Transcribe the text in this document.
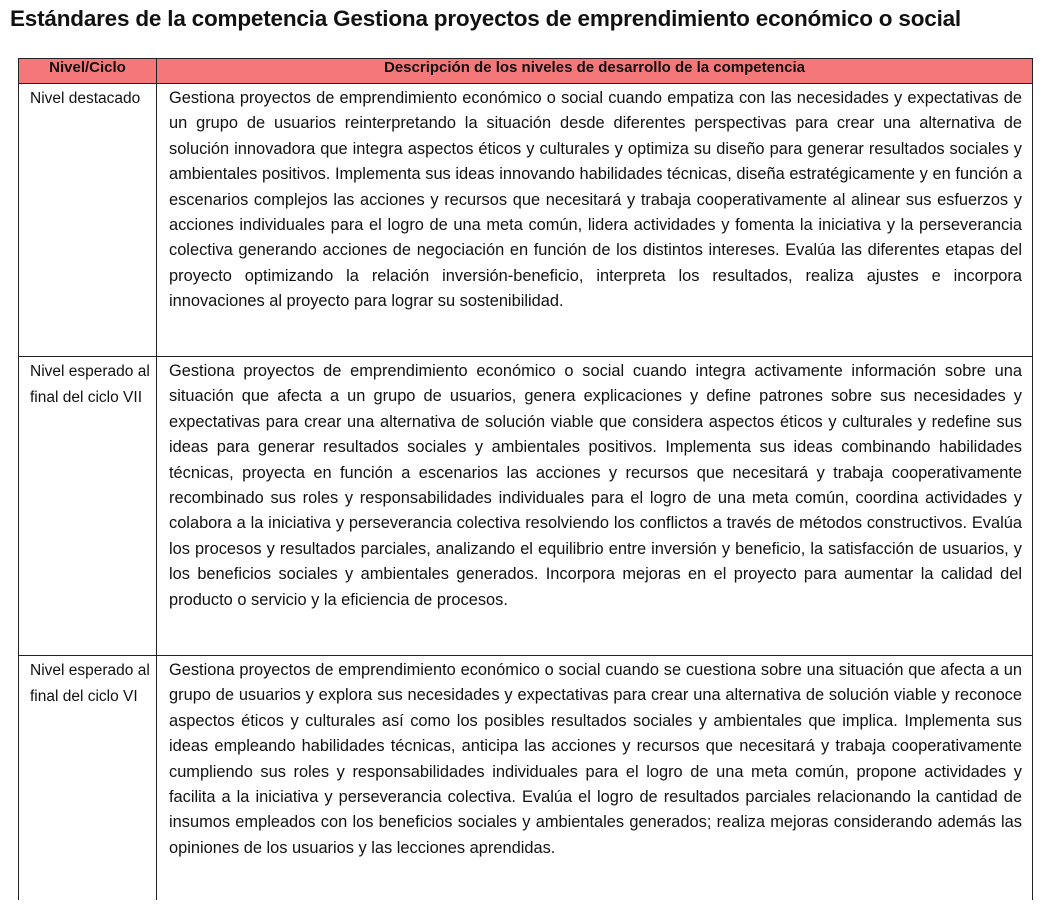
Estándares de la competencia Gestiona proyectos de emprendimiento económico o social
Nivel/Ciclo	Descripción de los niveles de desarrollo de la competencia
Nivel destacado	Gestiona proyectos de emprendimiento económico o social cuando empatiza con las necesidades y expectativas de un grupo de usuarios reinterpretando la situación desde diferentes perspectivas para crear una alternativa de solución innovadora que integra aspectos éticos y culturales y optimiza su diseño para generar resultados sociales y ambientales positivos. Implementa sus ideas innovando habilidades técnicas, diseña estratégicamente y en función a escenarios complejos las acciones y recursos que necesitará y trabaja cooperativamente al alinear sus esfuerzos y acciones individuales para el logro de una meta común, lidera actividades y fomenta la iniciativa y la perseverancia colectiva generando acciones de negociación en función de los distintos intereses. Evalúa las diferentes etapas del proyecto optimizando la relación inversión-beneficio, interpreta los resultados, realiza ajustes e incorpora innovaciones al proyecto para lograr su sostenibilidad.
Nivel esperado al final del ciclo VII	Gestiona proyectos de emprendimiento económico o social cuando integra activamente información sobre una situación que afecta a un grupo de usuarios, genera explicaciones y define patrones sobre sus necesidades y expectativas para crear una alternativa de solución viable que considera aspectos éticos y culturales y redefine sus ideas para generar resultados sociales y ambientales positivos. Implementa sus ideas combinando habilidades técnicas, proyecta en función a escenarios las acciones y recursos que necesitará y trabaja cooperativamente recombinado sus roles y responsabilidades individuales para el logro de una meta común, coordina actividades y colabora a la iniciativa y perseverancia colectiva resolviendo los conflictos a través de métodos constructivos. Evalúa los procesos y resultados parciales, analizando el equilibrio entre inversión y beneficio, la satisfacción de usuarios, y los beneficios sociales y ambientales generados. Incorpora mejoras en el proyecto para aumentar la calidad del producto o servicio y la eficiencia de procesos.
Nivel esperado al final del ciclo VI	Gestiona proyectos de emprendimiento económico o social cuando se cuestiona sobre una situación que afecta a un grupo de usuarios y explora sus necesidades y expectativas para crear una alternativa de solución viable y reconoce aspectos éticos y culturales así como los posibles resultados sociales y ambientales que implica. Implementa sus ideas empleando habilidades técnicas, anticipa las acciones y recursos que necesitará y trabaja cooperativamente cumpliendo sus roles y responsabilidades individuales para el logro de una meta común, propone actividades y facilita a la iniciativa y perseverancia colectiva. Evalúa el logro de resultados parciales relacionando la cantidad de insumos empleados con los beneficios sociales y ambientales generados; realiza mejoras considerando además las opiniones de los usuarios y las lecciones aprendidas.
